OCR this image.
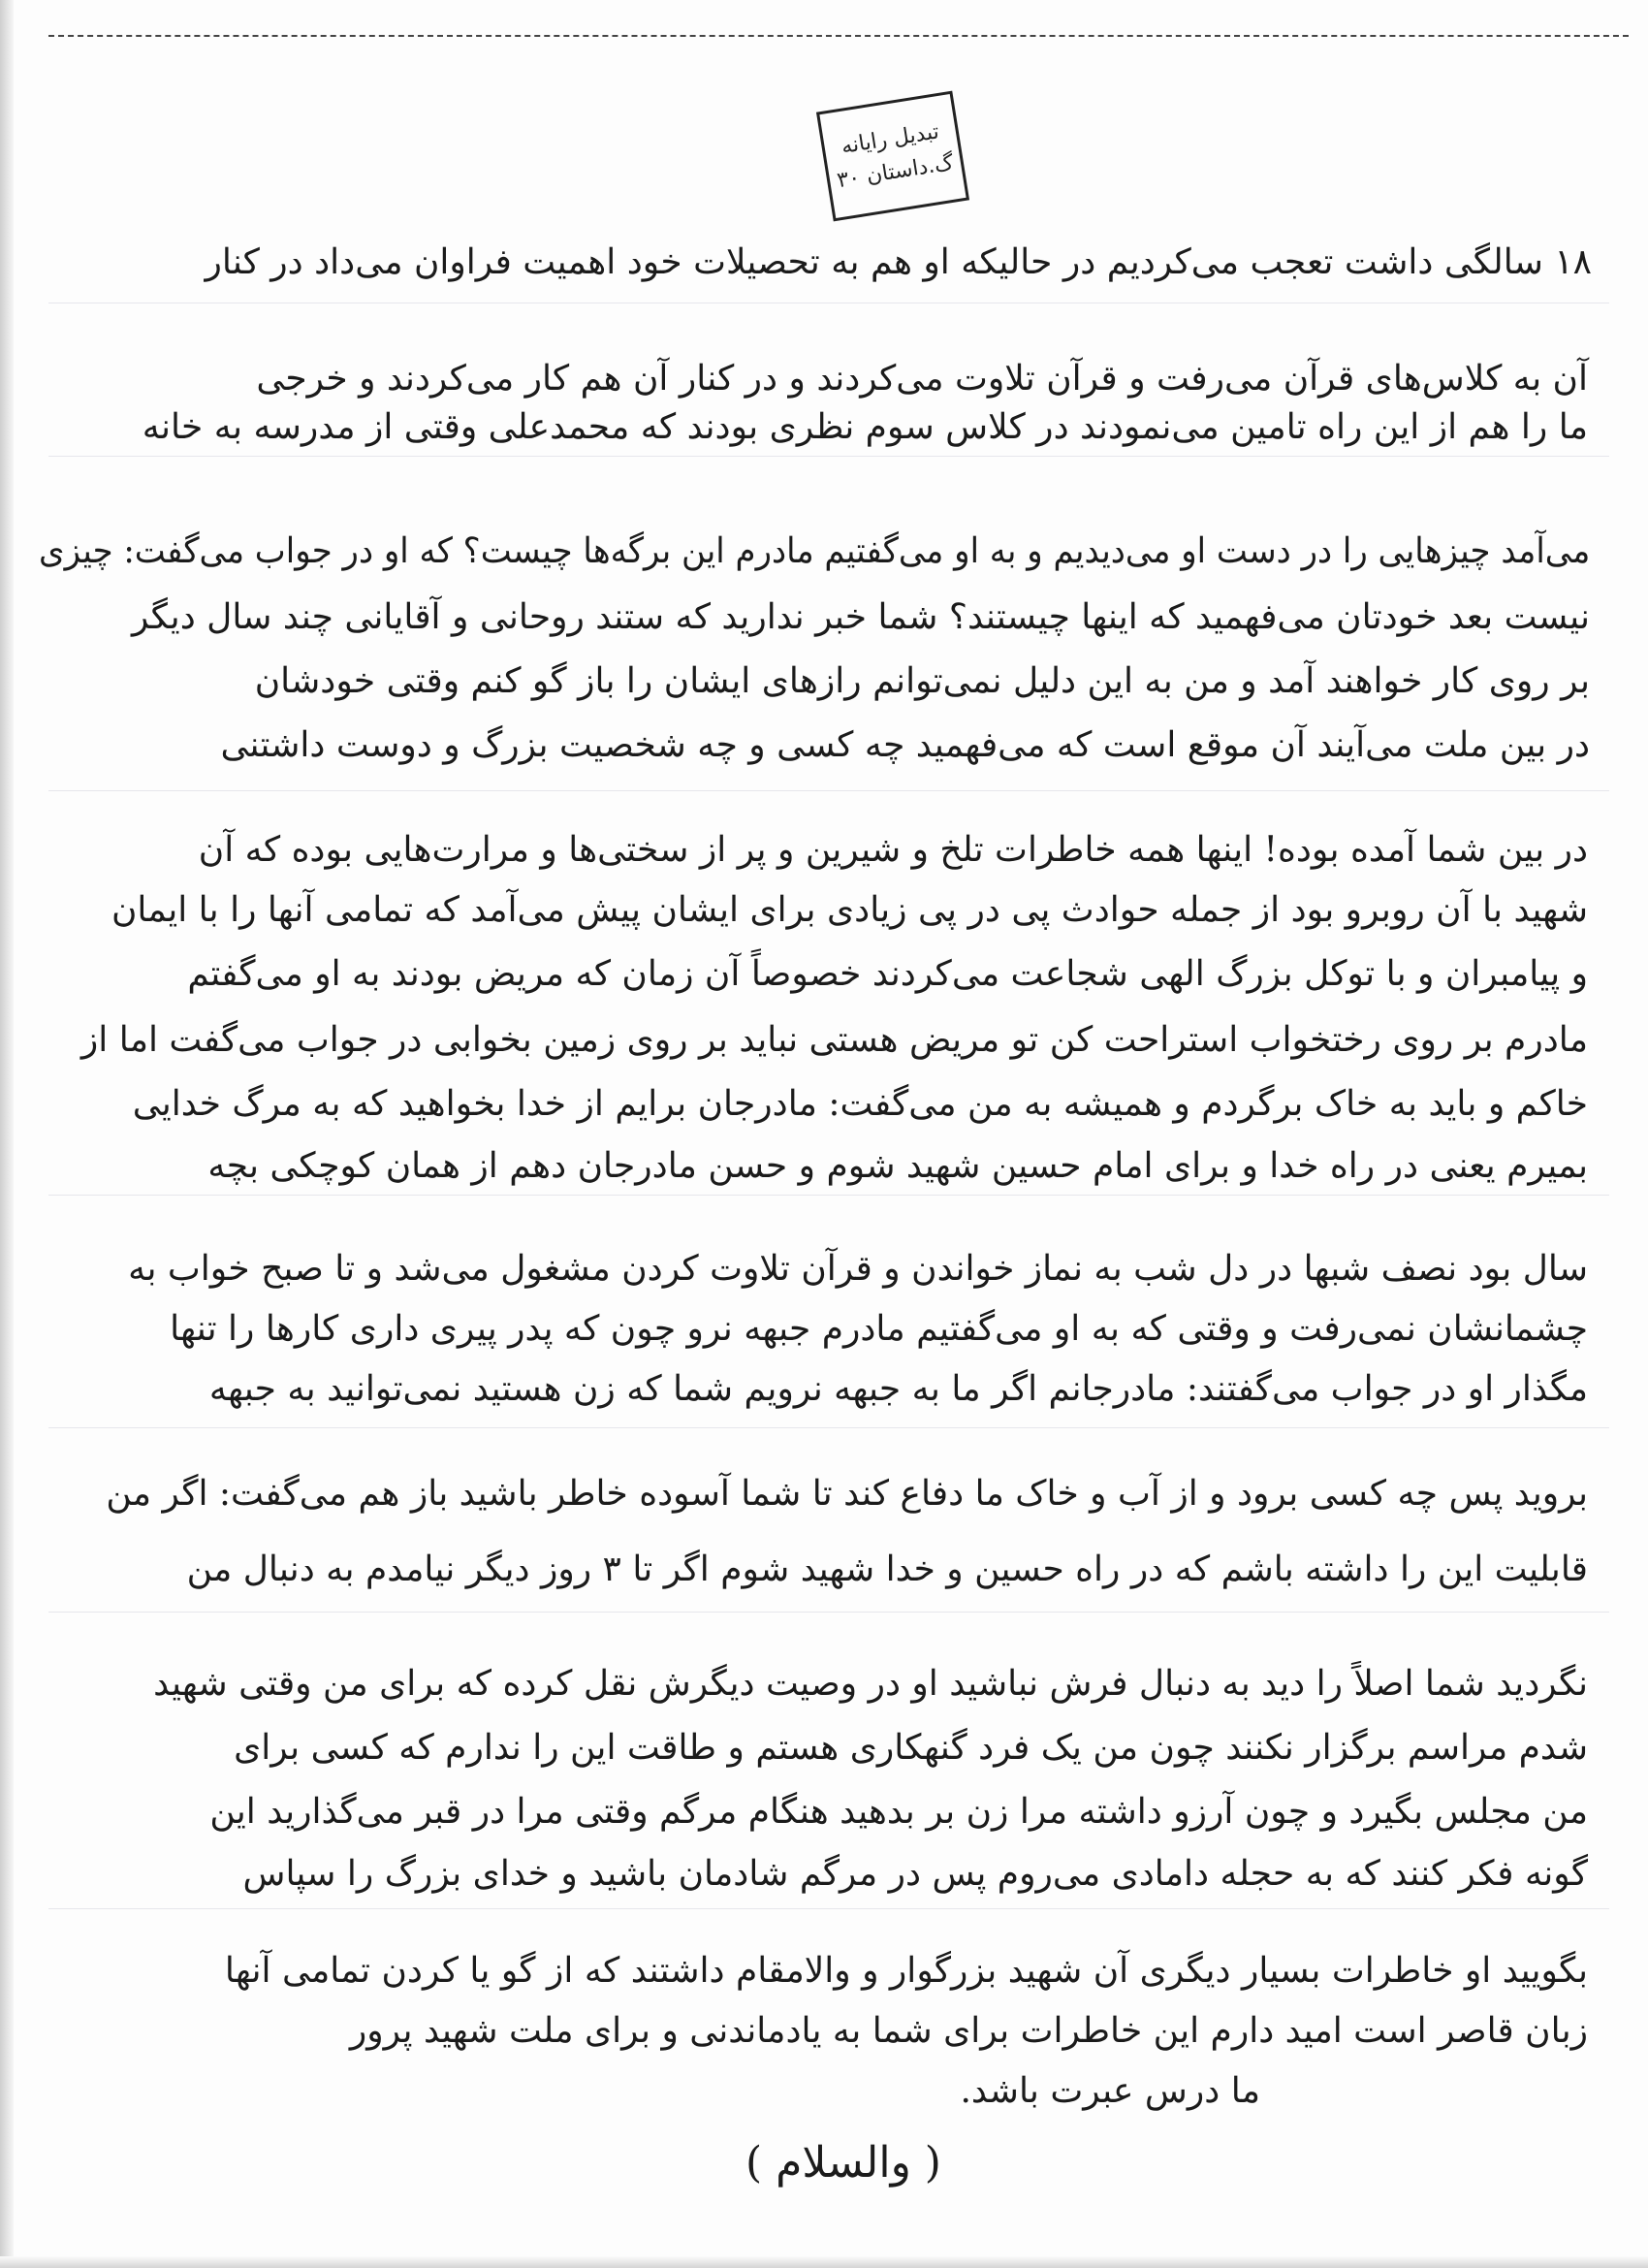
تبدیل رایانه
گ.داستان ۳۰
۱۸ سالگی داشت تعجب می‌کردیم در حالیکه او هم به تحصیلات خود اهمیت فراوان می‌داد در کنار
آن به کلاس‌های قرآن می‌رفت و قرآن تلاوت می‌کردند و در کنار آن هم کار می‌کردند و خرجی
ما را هم از این راه تامین می‌نمودند در کلاس سوم نظری بودند که محمدعلی وقتی از مدرسه به خانه
می‌آمد چیزهایی را در دست او می‌دیدیم و به او می‌گفتیم مادرم این برگه‌ها چیست؟ که او در جواب می‌گفت: چیزی
نیست بعد خودتان می‌فهمید که اینها چیستند؟ شما خبر ندارید که ستند روحانی و آقایانی چند سال دیگر
بر روی کار خواهند آمد و من به این دلیل نمی‌توانم رازهای ایشان را باز گو کنم وقتی خودشان
در بین ملت می‌آیند آن موقع است که می‌فهمید چه کسی و چه شخصیت بزرگ و دوست داشتنی
در بین شما آمده بوده! اینها همه خاطرات تلخ و شیرین و پر از سختی‌ها و مرارت‌هایی بوده که آن
شهید با آن روبرو بود از جمله حوادث پی در پی زیادی برای ایشان پیش می‌آمد که تمامی آنها را با ایمان
و پیامبران و با توکل بزرگ الهی شجاعت می‌کردند خصوصاً آن زمان که مریض بودند به او می‌گفتم
مادرم بر روی رختخواب استراحت کن تو مریض هستی نباید بر روی زمین بخوابی در جواب می‌گفت اما از
خاکم و باید به خاک برگردم و همیشه به من می‌گفت: مادرجان برایم از خدا بخواهید که به مرگ خدایی
بمیرم یعنی در راه خدا و برای امام حسین شهید شوم و حسن مادرجان دهم از همان کوچکی بچه
سال بود نصف شبها در دل شب به نماز خواندن و قرآن تلاوت کردن مشغول می‌شد و تا صبح خواب به
چشمانشان نمی‌رفت و وقتی که به او می‌گفتیم مادرم جبهه نرو چون که پدر پیری داری کارها را تنها
مگذار او در جواب می‌گفتند: مادرجانم اگر ما به جبهه نرویم شما که زن هستید نمی‌توانید به جبهه
بروید پس چه کسی برود و از آب و خاک ما دفاع کند تا شما آسوده خاطر باشید باز هم می‌گفت: اگر من
قابلیت این را داشته باشم که در راه حسین و خدا شهید شوم اگر تا ۳ روز دیگر نیامدم به دنبال من
نگردید شما اصلاً را دید به دنبال فرش نباشید او در وصیت دیگرش نقل کرده که برای من وقتی شهید
شدم مراسم برگزار نکنند چون من یک فرد گنهکاری هستم و طاقت این را ندارم که کسی برای
من مجلس بگیرد و چون آرزو داشته مرا زن بر بدهید هنگام مرگم وقتی مرا در قبر می‌گذارید این
گونه فکر کنند که به حجله دامادی می‌روم پس در مرگم شادمان باشید و خدای بزرگ را سپاس
بگویید او خاطرات بسیار دیگری آن شهید بزرگوار و والامقام داشتند که از گو یا کردن تمامی آنها
زبان قاصر است امید دارم این خاطرات برای شما به یادماندنی و برای ملت شهید پرور
ما درس عبرت باشد.
( والسلام )
